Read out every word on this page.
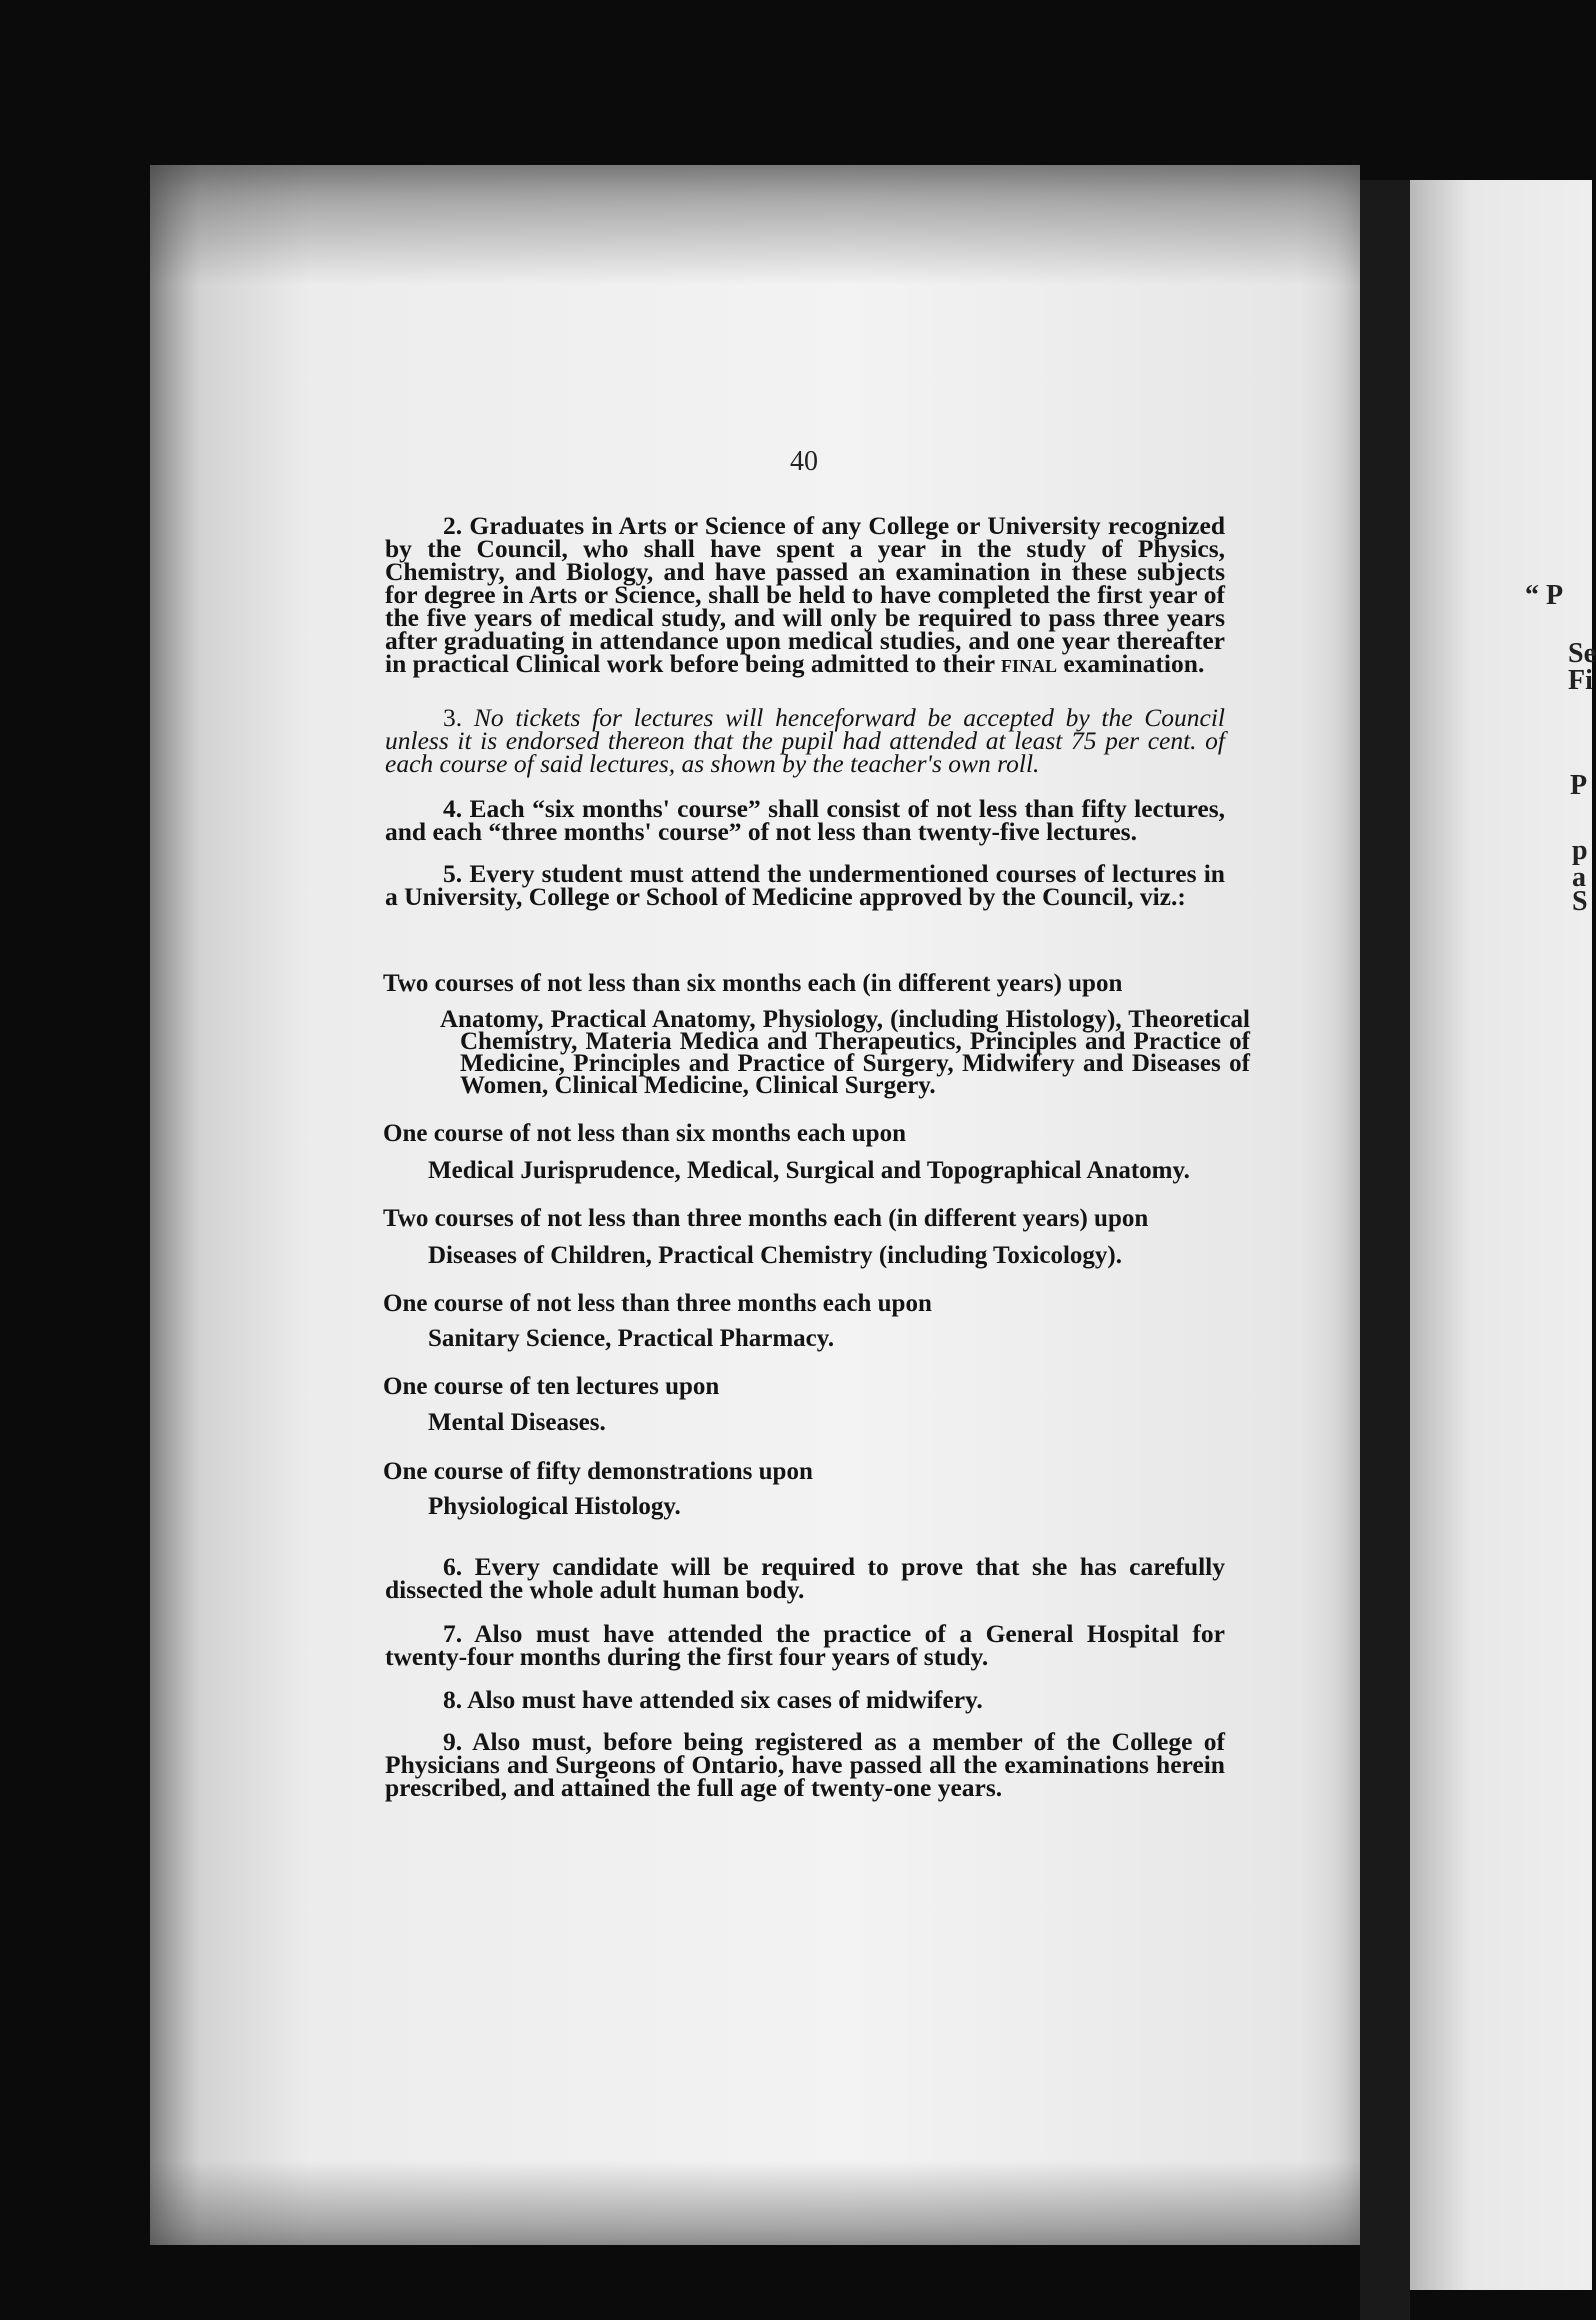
“ P
Se
Fi
P
p
a
S
40

2. Graduates in Arts or Science of any College or University recognized by the Council, who shall have spent a year in the study of Physics, Chemistry, and Biology, and have passed an examination in these subjects for degree in Arts or Science, shall be held to have completed the first year of the five years of medical study, and will only be required to pass three years after graduating in attendance upon medical studies, and one year thereafter in practical Clinical work before being admitted to their final examination.

3. No tickets for lectures will henceforward be accepted by the Council unless it is endorsed thereon that the pupil had attended at least 75 per cent. of each course of said lectures, as shown by the teacher's own roll.

4. Each “six months' course” shall consist of not less than fifty lectures, and each “three months' course” of not less than twenty-five lectures.

5. Every student must attend the undermentioned courses of lectures in a University, College or School of Medicine approved by the Council, viz.:

Two courses of not less than six months each (in different years) upon
Anatomy, Practical Anatomy, Physiology, (including Histology), Theoretical Chemistry, Materia Medica and Therapeutics, Principles and Practice of Medicine, Principles and Practice of Surgery, Midwifery and Diseases of Women, Clinical Medicine, Clinical Surgery.
One course of not less than six months each upon
Medical Jurisprudence, Medical, Surgical and Topographical Anatomy.
Two courses of not less than three months each (in different years) upon
Diseases of Children, Practical Chemistry (including Toxicology).
One course of not less than three months each upon
Sanitary Science, Practical Pharmacy.
One course of ten lectures upon
Mental Diseases.
One course of fifty demonstrations upon
Physiological Histology.

6. Every candidate will be required to prove that she has carefully dissected the whole adult human body.

7. Also must have attended the practice of a General Hospital for twenty-four months during the first four years of study.

8. Also must have attended six cases of midwifery.

9. Also must, before being registered as a member of the College of Physicians and Surgeons of Ontario, have passed all the examinations herein prescribed, and attained the full age of twenty-one years.
